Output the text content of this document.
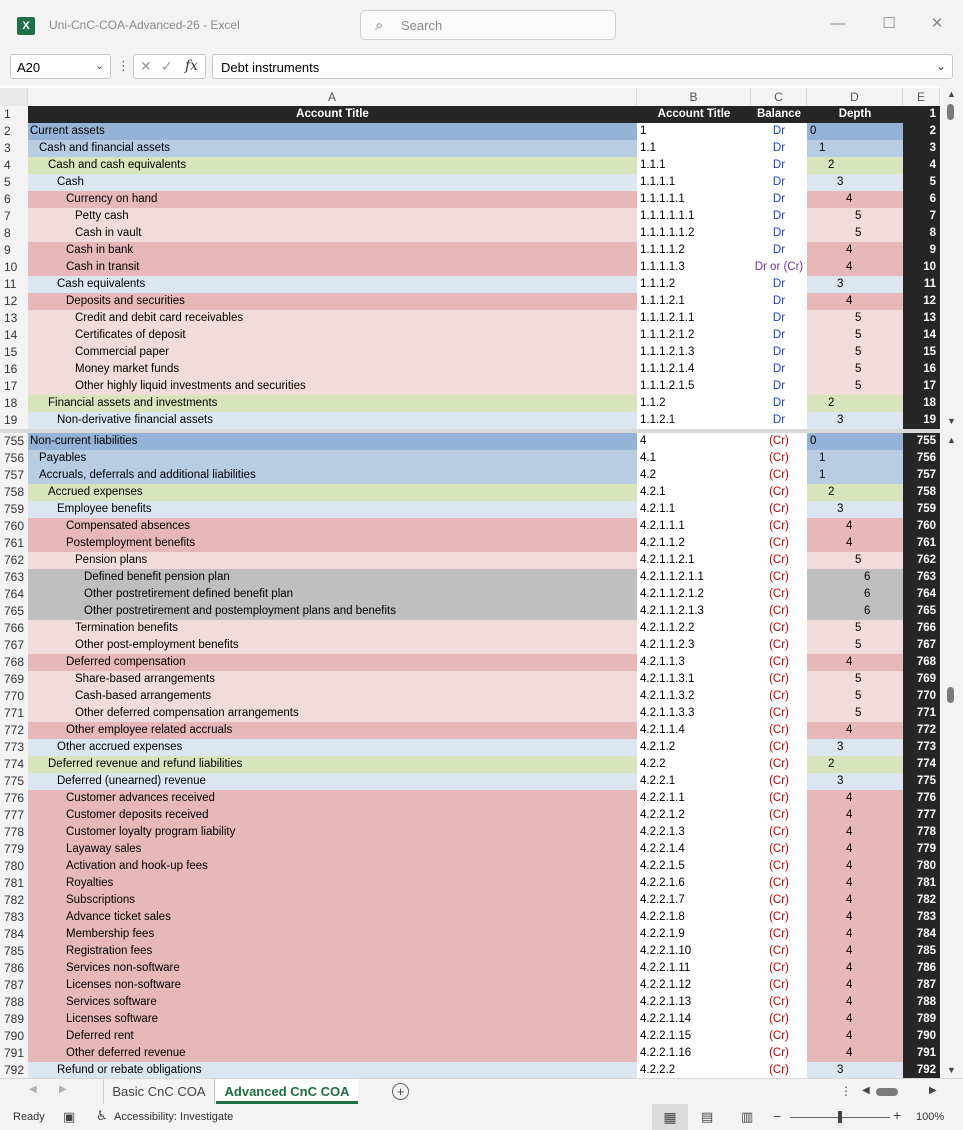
X	Uni-CnC-COA-Advanced-26 - Excel	⌕ Search	— ☐	✕
A20	⌄ ⋮ ✕ ✓ fx Debt instruments	⌄
A	B	C	D	E
1	Account Title	Account Title	Balance	Depth	1
2	Current assets	1	Dr	0	2
3	Cash and financial assets	1.1	Dr	1	3
4	Cash and cash equivalents	1.1.1	Dr	2	4
5	Cash	1.1.1.1	Dr	3	5
6	Currency on hand	1.1.1.1.1	Dr	4	6
7	Petty cash	1.1.1.1.1.1	Dr	5	7
8	Cash in vault	1.1.1.1.1.2	Dr	5	8
9	Cash in bank	1.1.1.1.2	Dr	4	9
10	Cash in transit	1.1.1.1.3	Dr or (Cr)	4	10
11	Cash equivalents	1.1.1.2	Dr	3	11
12	Deposits and securities	1.1.1.2.1	Dr	4	12
13	Credit and debit card receivables	1.1.1.2.1.1	Dr	5	13
14	Certificates of deposit	1.1.1.2.1.2	Dr	5	14
15	Commercial paper	1.1.1.2.1.3	Dr	5	15
16	Money market funds	1.1.1.2.1.4	Dr	5	16
17	Other highly liquid investments and securities	1.1.1.2.1.5	Dr	5	17
18	Financial assets and investments	1.1.2	Dr	2	18
19	Non-derivative financial assets	1.1.2.1	Dr	3	19
755 Non-current liabilities	4	(Cr)	0	755
756	Payables	4.1	(Cr)	1	756
757	Accruals, deferrals and additional liabilities	4.2	(Cr)	1	757
758	Accrued expenses	4.2.1	(Cr)	2	758
759	Employee benefits	4.2.1.1	(Cr)	3	759
760	Compensated absences	4.2.1.1.1	(Cr)	4	760
761	Postemployment benefits	4.2.1.1.2	(Cr)	4	761
762	Pension plans	4.2.1.1.2.1	(Cr)	5	762
763	Defined benefit pension plan	4.2.1.1.2.1.1	(Cr)	6	763
764	Other postretirement defined benefit plan	4.2.1.1.2.1.2	(Cr)	6	764
765	Other postretirement and postemployment plans and benefits	4.2.1.1.2.1.3	(Cr)	6	765
766	Termination benefits	4.2.1.1.2.2	(Cr)	5	766
767	Other post-employment benefits	4.2.1.1.2.3	(Cr)	5	767
768	Deferred compensation	4.2.1.1.3	(Cr)	4	768
769	Share-based arrangements	4.2.1.1.3.1	(Cr)	5	769
770	Cash-based arrangements	4.2.1.1.3.2	(Cr)	5	770
771	Other deferred compensation arrangements	4.2.1.1.3.3	(Cr)	5	771
772	Other employee related accruals	4.2.1.1.4	(Cr)	4	772
773	Other accrued expenses	4.2.1.2	(Cr)	3	773
774	Deferred revenue and refund liabilities	4.2.2	(Cr)	2	774
775	Deferred (unearned) revenue	4.2.2.1	(Cr)	3	775
776	Customer advances received	4.2.2.1.1	(Cr)	4	776
777	Customer deposits received	4.2.2.1.2	(Cr)	4	777
778	Customer loyalty program liability	4.2.2.1.3	(Cr)	4	778
779	Layaway sales	4.2.2.1.4	(Cr)	4	779
780	Activation and hook-up fees	4.2.2.1.5	(Cr)	4	780
781	Royalties	4.2.2.1.6	(Cr)	4	781
782	Subscriptions	4.2.2.1.7	(Cr)	4	782
783	Advance ticket sales	4.2.2.1.8	(Cr)	4	783
784	Membership fees	4.2.2.1.9	(Cr)	4	784
785	Registration fees	4.2.2.1.10	(Cr)	4	785
786	Services non-software	4.2.2.1.11	(Cr)	4	786
787	Licenses non-software	4.2.2.1.12	(Cr)	4	787
788	Services software	4.2.2.1.13	(Cr)	4	788
789	Licenses software	4.2.2.1.14	(Cr)	4	789
790	Deferred rent	4.2.2.1.15	(Cr)	4	790
791	Other deferred revenue	4.2.2.1.16	(Cr)	4	791
792	Refund or rebate obligations	4.2.2.2	(Cr)	3	792
▲
▼
▲
▼
◀ ▶	Basic CnC COA	Advanced CnC COA	+	⋮ ◀	▶
Ready ▣ ♿ Accessibility: Investigate	▦	▤ ▥ −	+ 100%
